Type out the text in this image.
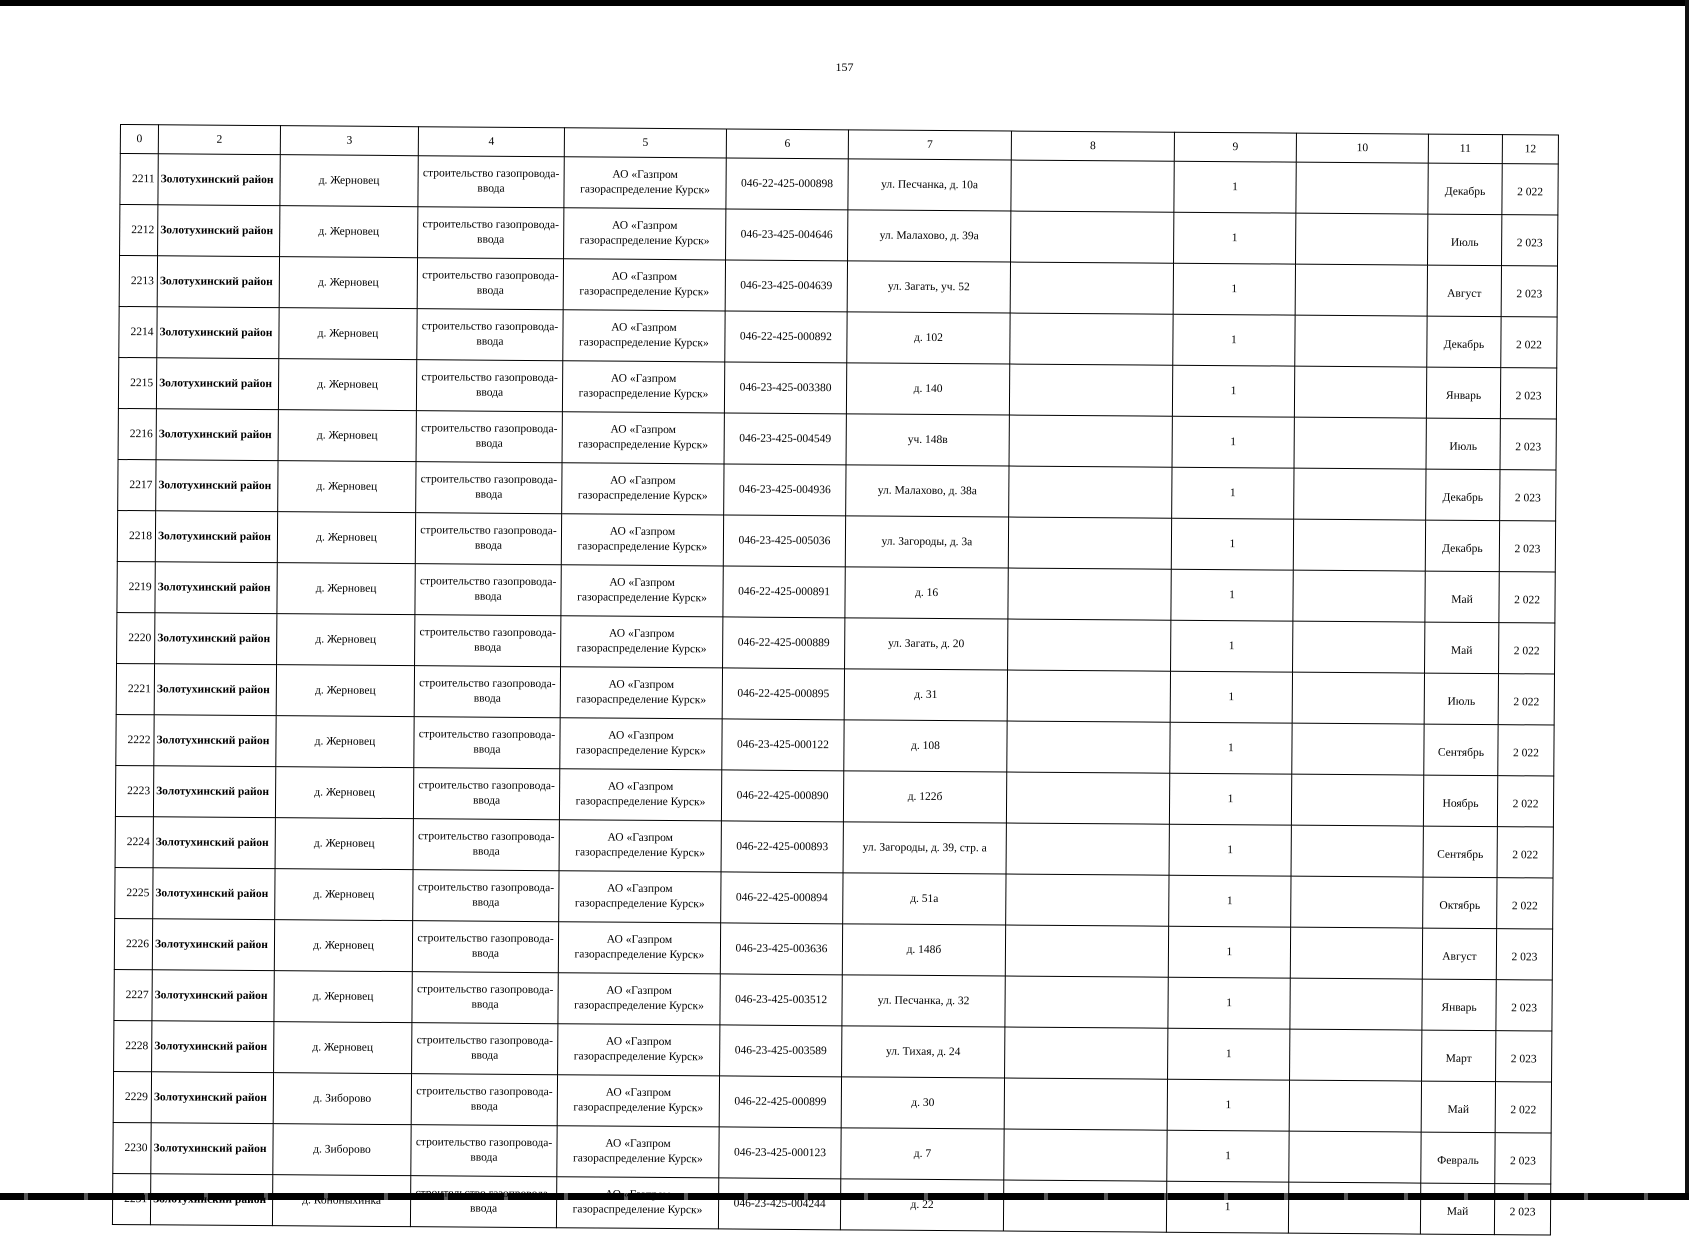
157
0	2	3	4	5	6	7	8	9	10	11	12
2211	Золотухинский район	д. Жерновец	строительство газопровода-ввода	АО «Газпром газораспределение Курск»	046-22-425-000898	ул. Песчанка, д. 10а		1		Декабрь	2 022
2212	Золотухинский район	д. Жерновец	строительство газопровода-ввода	АО «Газпром газораспределение Курск»	046-23-425-004646	ул. Малахово, д. 39а		1		Июль	2 023
2213	Золотухинский район	д. Жерновец	строительство газопровода-ввода	АО «Газпром газораспределение Курск»	046-23-425-004639	ул. Загать, уч. 52		1		Август	2 023
2214	Золотухинский район	д. Жерновец	строительство газопровода-ввода	АО «Газпром газораспределение Курск»	046-22-425-000892	д. 102		1		Декабрь	2 022
2215	Золотухинский район	д. Жерновец	строительство газопровода-ввода	АО «Газпром газораспределение Курск»	046-23-425-003380	д. 140		1		Январь	2 023
2216	Золотухинский район	д. Жерновец	строительство газопровода-ввода	АО «Газпром газораспределение Курск»	046-23-425-004549	уч. 148в		1		Июль	2 023
2217	Золотухинский район	д. Жерновец	строительство газопровода-ввода	АО «Газпром газораспределение Курск»	046-23-425-004936	ул. Малахово, д. 38а		1		Декабрь	2 023
2218	Золотухинский район	д. Жерновец	строительство газопровода-ввода	АО «Газпром газораспределение Курск»	046-23-425-005036	ул. Загороды, д. 3а		1		Декабрь	2 023
2219	Золотухинский район	д. Жерновец	строительство газопровода-ввода	АО «Газпром газораспределение Курск»	046-22-425-000891	д. 16		1		Май	2 022
2220	Золотухинский район	д. Жерновец	строительство газопровода-ввода	АО «Газпром газораспределение Курск»	046-22-425-000889	ул. Загать, д. 20		1		Май	2 022
2221	Золотухинский район	д. Жерновец	строительство газопровода-ввода	АО «Газпром газораспределение Курск»	046-22-425-000895	д. 31		1		Июль	2 022
2222	Золотухинский район	д. Жерновец	строительство газопровода-ввода	АО «Газпром газораспределение Курск»	046-23-425-000122	д. 108		1		Сентябрь	2 022
2223	Золотухинский район	д. Жерновец	строительство газопровода-ввода	АО «Газпром газораспределение Курск»	046-22-425-000890	д. 122б		1		Ноябрь	2 022
2224	Золотухинский район	д. Жерновец	строительство газопровода-ввода	АО «Газпром газораспределение Курск»	046-22-425-000893	ул. Загороды, д. 39, стр. а		1		Сентябрь	2 022
2225	Золотухинский район	д. Жерновец	строительство газопровода-ввода	АО «Газпром газораспределение Курск»	046-22-425-000894	д. 51а		1		Октябрь	2 022
2226	Золотухинский район	д. Жерновец	строительство газопровода-ввода	АО «Газпром газораспределение Курск»	046-23-425-003636	д. 148б		1		Август	2 023
2227	Золотухинский район	д. Жерновец	строительство газопровода-ввода	АО «Газпром газораспределение Курск»	046-23-425-003512	ул. Песчанка, д. 32		1		Январь	2 023
2228	Золотухинский район	д. Жерновец	строительство газопровода-ввода	АО «Газпром газораспределение Курск»	046-23-425-003589	ул. Тихая, д. 24		1		Март	2 023
2229	Золотухинский район	д. Зиборово	строительство газопровода-ввода	АО «Газпром газораспределение Курск»	046-22-425-000899	д. 30		1		Май	2 022
2230	Золотухинский район	д. Зиборово	строительство газопровода-ввода	АО «Газпром газораспределение Курск»	046-23-425-000123	д. 7		1		Февраль	2 023
2231	Золотухинский район	д. Кононыхинка	строительство газопровода-ввода	АО «Газпром газораспределение Курск»	046-23-425-004244	д. 22		1		Май	2 023
